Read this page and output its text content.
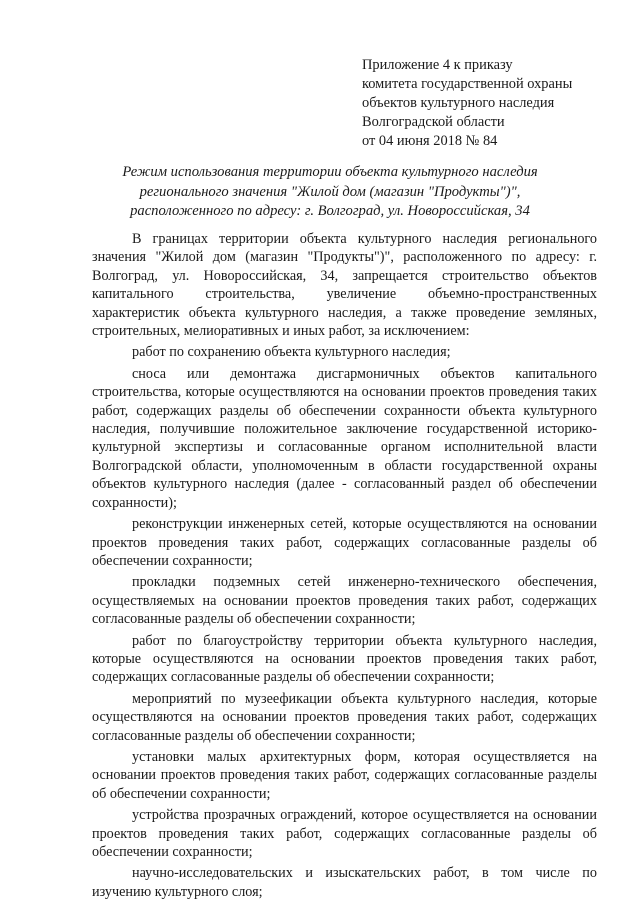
Приложение 4 к приказу
комитета государственной охраны
объектов культурного наследия
Волгоградской области
от 04 июня 2018 № 84
Режим использования территории объекта культурного наследия
регионального значения "Жилой дом (магазин "Продукты")",
расположенного по адресу: г. Волгоград, ул. Новороссийская, 34

В границах территории объекта культурного наследия регионального значения "Жилой дом (магазин "Продукты")", расположенного по адресу: г. Волгоград, ул. Новороссийская, 34, запрещается строительство объектов капитального строительства, увеличение объемно-пространственных характеристик объекта культурного наследия, а также проведение земляных, строительных, мелиоративных и иных работ, за исключением:

работ по сохранению объекта культурного наследия;

сноса или демонтажа дисгармоничных объектов капитального строительства, которые осуществляются на основании проектов проведения таких работ, содержащих разделы об обеспечении сохранности объекта культурного наследия, получившие положительное заключение государственной историко-культурной экспертизы и согласованные органом исполнительной власти Волгоградской области, уполномоченным в области государственной охраны объектов культурного наследия (далее - согласованный раздел об обеспечении сохранности);

реконструкции инженерных сетей, которые осуществляются на основании проектов проведения таких работ, содержащих согласованные разделы об обеспечении сохранности;

прокладки подземных сетей инженерно-технического обеспечения, осуществляемых на основании проектов проведения таких работ, содержащих согласованные разделы об обеспечении сохранности;

работ по благоустройству территории объекта культурного наследия, которые осуществляются на основании проектов проведения таких работ, содержащих согласованные разделы об обеспечении сохранности;

мероприятий по музеефикации объекта культурного наследия, которые осуществляются на основании проектов проведения таких работ, содержащих согласованные разделы об обеспечении сохранности;

установки малых архитектурных форм, которая осуществляется на основании проектов проведения таких работ, содержащих согласованные разделы об обеспечении сохранности;

устройства прозрачных ограждений, которое осуществляется на основании проектов проведения таких работ, содержащих согласованные разделы об обеспечении сохранности;

научно-исследовательских и изыскательских работ, в том числе по изучению культурного слоя;
